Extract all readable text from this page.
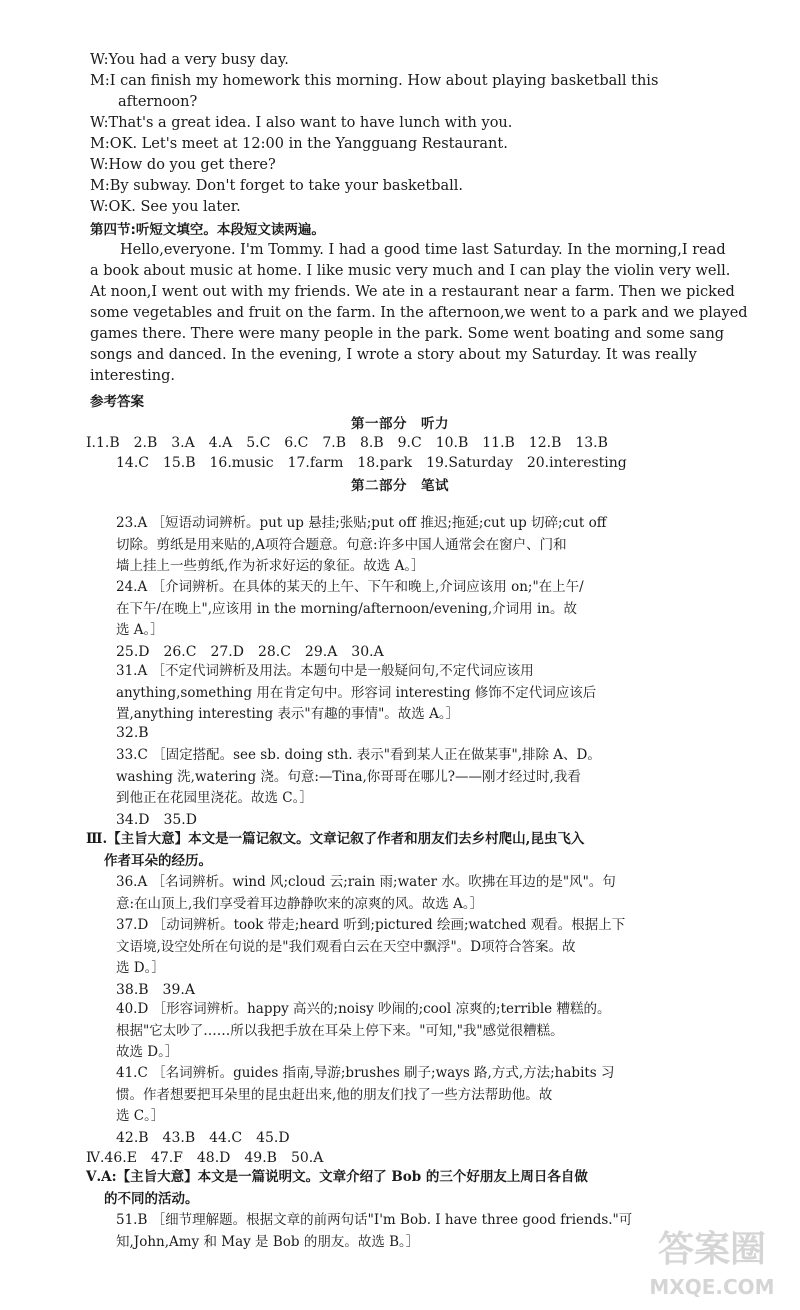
W:You had a very busy day.
M:I can finish my homework this morning. How about playing basketball this
afternoon?
W:That's a great idea. I also want to have lunch with you.
M:OK. Let's meet at 12:00 in the Yangguang Restaurant.
W:How do you get there?
M:By subway. Don't forget to take your basketball.
W:OK. See you later.
第四节:听短文填空。本段短文读两遍。
Hello,everyone. I'm Tommy. I had a good time last Saturday. In the morning,I read
a book about music at home. I like music very much and I can play the violin very well.
At noon,I went out with my friends. We ate in a restaurant near a farm. Then we picked
some vegetables and fruit on the farm. In the afternoon,we went to a park and we played
games there. There were many people in the park. Some went boating and some sang
songs and danced. In the evening, I wrote a story about my Saturday. It was really
interesting.
参考答案
第一部分　听力
Ⅰ.1.B　2.B　3.A　4.A　5.C　6.C　7.B　8.B　9.C　10.B　11.B　12.B　13.B
14.C　15.B　16.music　17.farm　18.park　19.Saturday　20.interesting
第二部分　笔试
23.A ［短语动词辨析。put up 悬挂;张贴;put off 推迟;拖延;cut up 切碎;cut off
切除。剪纸是用来贴的,A项符合题意。句意:许多中国人通常会在窗户、门和
墙上挂上一些剪纸,作为祈求好运的象征。故选 A。］
24.A ［介词辨析。在具体的某天的上午、下午和晚上,介词应该用 on;"在上午/
在下午/在晚上",应该用 in the morning/afternoon/evening,介词用 in。故
选 A。］
25.D　26.C　27.D　28.C　29.A　30.A
31.A ［不定代词辨析及用法。本题句中是一般疑问句,不定代词应该用
anything,something 用在肯定句中。形容词 interesting 修饰不定代词应该后
置,anything interesting 表示"有趣的事情"。故选 A。］
32.B
33.C ［固定搭配。see sb. doing sth. 表示"看到某人正在做某事",排除 A、D。
washing 洗,watering 浇。句意:—Tina,你哥哥在哪儿?——刚才经过时,我看
到他正在花园里浇花。故选 C。］
34.D　35.D
Ⅲ.【主旨大意】本文是一篇记叙文。文章记叙了作者和朋友们去乡村爬山,昆虫飞入
作者耳朵的经历。
36.A ［名词辨析。wind 风;cloud 云;rain 雨;water 水。吹拂在耳边的是"风"。句
意:在山顶上,我们享受着耳边静静吹来的凉爽的风。故选 A。］
37.D ［动词辨析。took 带走;heard 听到;pictured 绘画;watched 观看。根据上下
文语境,设空处所在句说的是"我们观看白云在天空中飘浮"。D项符合答案。故
选 D。］
38.B　39.A
40.D ［形容词辨析。happy 高兴的;noisy 吵闹的;cool 凉爽的;terrible 糟糕的。
根据"它太吵了……所以我把手放在耳朵上停下来。"可知,"我"感觉很糟糕。
故选 D。］
41.C ［名词辨析。guides 指南,导游;brushes 刷子;ways 路,方式,方法;habits 习
惯。作者想要把耳朵里的昆虫赶出来,他的朋友们找了一些方法帮助他。故
选 C。］
42.B　43.B　44.C　45.D
Ⅳ.46.E　47.F　48.D　49.B　50.A
Ⅴ.A:【主旨大意】本文是一篇说明文。文章介绍了 Bob 的三个好朋友上周日各自做
的不同的活动。
51.B ［细节理解题。根据文章的前两句话"I'm Bob. I have three good friends."可
知,John,Amy 和 May 是 Bob 的朋友。故选 B。］	答案圈
MXQE.COM
